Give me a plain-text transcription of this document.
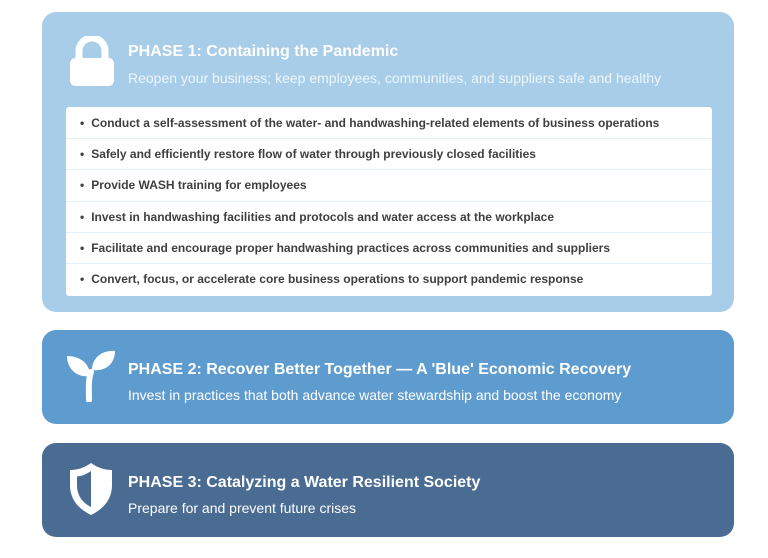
PHASE 1: Containing the Pandemic
Reopen your business; keep employees, communities, and suppliers safe and healthy
• Conduct a self-assessment of the water- and handwashing-related elements of business operations
• Safely and efficiently restore flow of water through previously closed facilities
• Provide WASH training for employees
• Invest in handwashing facilities and protocols and water access at the workplace
• Facilitate and encourage proper handwashing practices across communities and suppliers
• Convert, focus, or accelerate core business operations to support pandemic response
PHASE 2: Recover Better Together — A 'Blue' Economic Recovery
Invest in practices that both advance water stewardship and boost the economy
PHASE 3: Catalyzing a Water Resilient Society
Prepare for and prevent future crises
